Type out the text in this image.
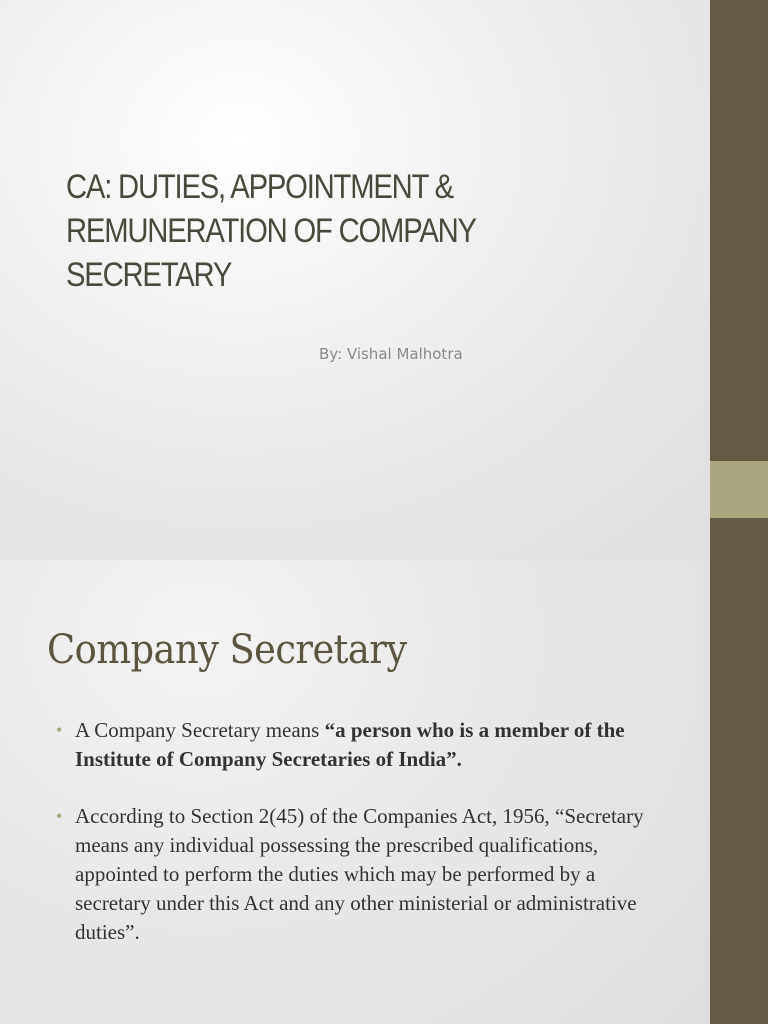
CA: DUTIES, APPOINTMENT & REMUNERATION OF COMPANY SECRETARY

By: Vishal Malhotra

Company Secretary
• A Company Secretary means “a person who is a member of the Institute of Company Secretaries of India”.
• According to Section 2(45) of the Companies Act, 1956, “Secretary means any individual possessing the prescribed qualifications, appointed to perform the duties which may be performed by a secretary under this Act and any other ministerial or administrative duties”.
